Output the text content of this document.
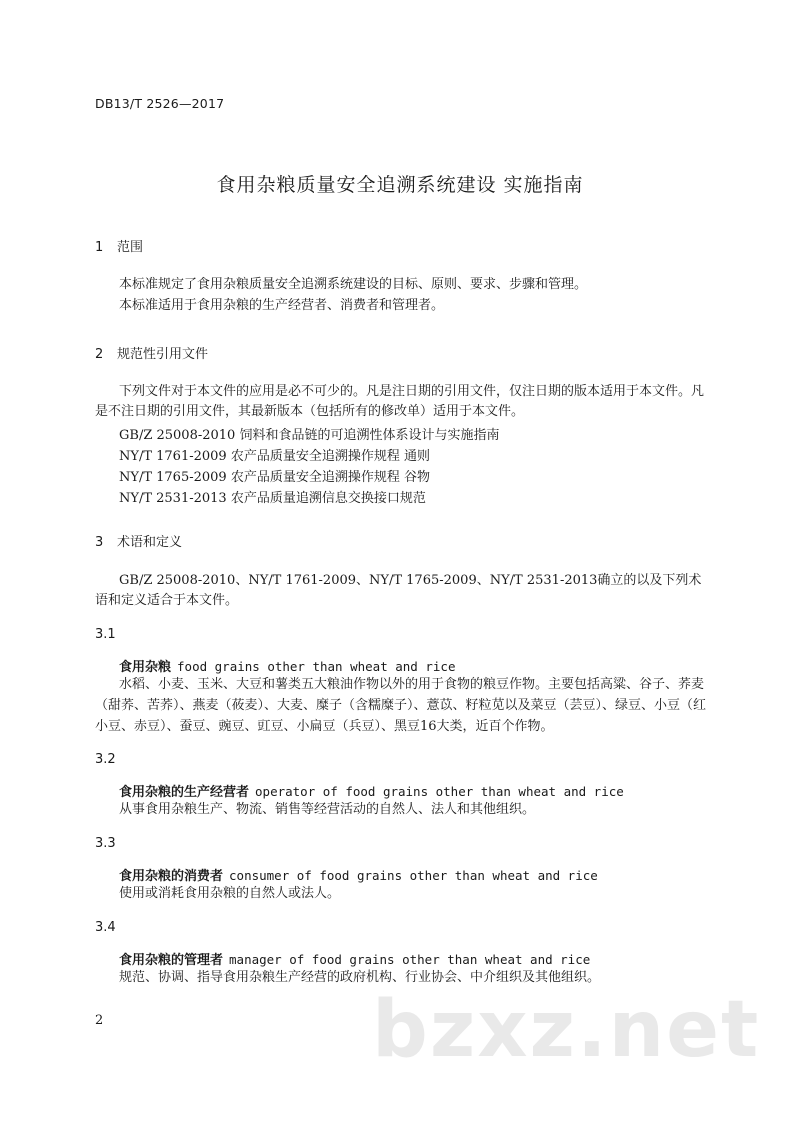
DB13/T 2526—2017
食用杂粮质量安全追溯系统建设 实施指南
1 范围
本标准规定了食用杂粮质量安全追溯系统建设的目标、原则、要求、步骤和管理。
本标准适用于食用杂粮的生产经营者、消费者和管理者。
2 规范性引用文件
下列文件对于本文件的应用是必不可少的。凡是注日期的引用文件，仅注日期的版本适用于本文件。凡是不注日期的引用文件，其最新版本（包括所有的修改单）适用于本文件。
GB/Z 25008-2010 饲料和食品链的可追溯性体系设计与实施指南
NY/T 1761-2009 农产品质量安全追溯操作规程 通则
NY/T 1765-2009 农产品质量安全追溯操作规程 谷物
NY/T 2531-2013 农产品质量追溯信息交换接口规范
3 术语和定义
GB/Z 25008-2010、NY/T 1761-2009、NY/T 1765-2009、NY/T 2531-2013确立的以及下列术语和定义适合于本文件。
3.1
食用杂粮 food grains other than wheat and rice
水稻、小麦、玉米、大豆和薯类五大粮油作物以外的用于食物的粮豆作物。主要包括高粱、谷子、荞麦（甜荞、苦荞）、燕麦（莜麦）、大麦、糜子（含糯糜子）、薏苡、籽粒苋以及菜豆（芸豆）、绿豆、小豆（红小豆、赤豆）、蚕豆、豌豆、豇豆、小扁豆（兵豆）、黑豆16大类，近百个作物。
3.2
食用杂粮的生产经营者 operator of food grains other than wheat and rice
从事食用杂粮生产、物流、销售等经营活动的自然人、法人和其他组织。
3.3
食用杂粮的消费者 consumer of food grains other than wheat and rice
使用或消耗食用杂粮的自然人或法人。
3.4
食用杂粮的管理者 manager of food grains other than wheat and rice
规范、协调、指导食用杂粮生产经营的政府机构、行业协会、中介组织及其他组织。
bzxz.net
2
